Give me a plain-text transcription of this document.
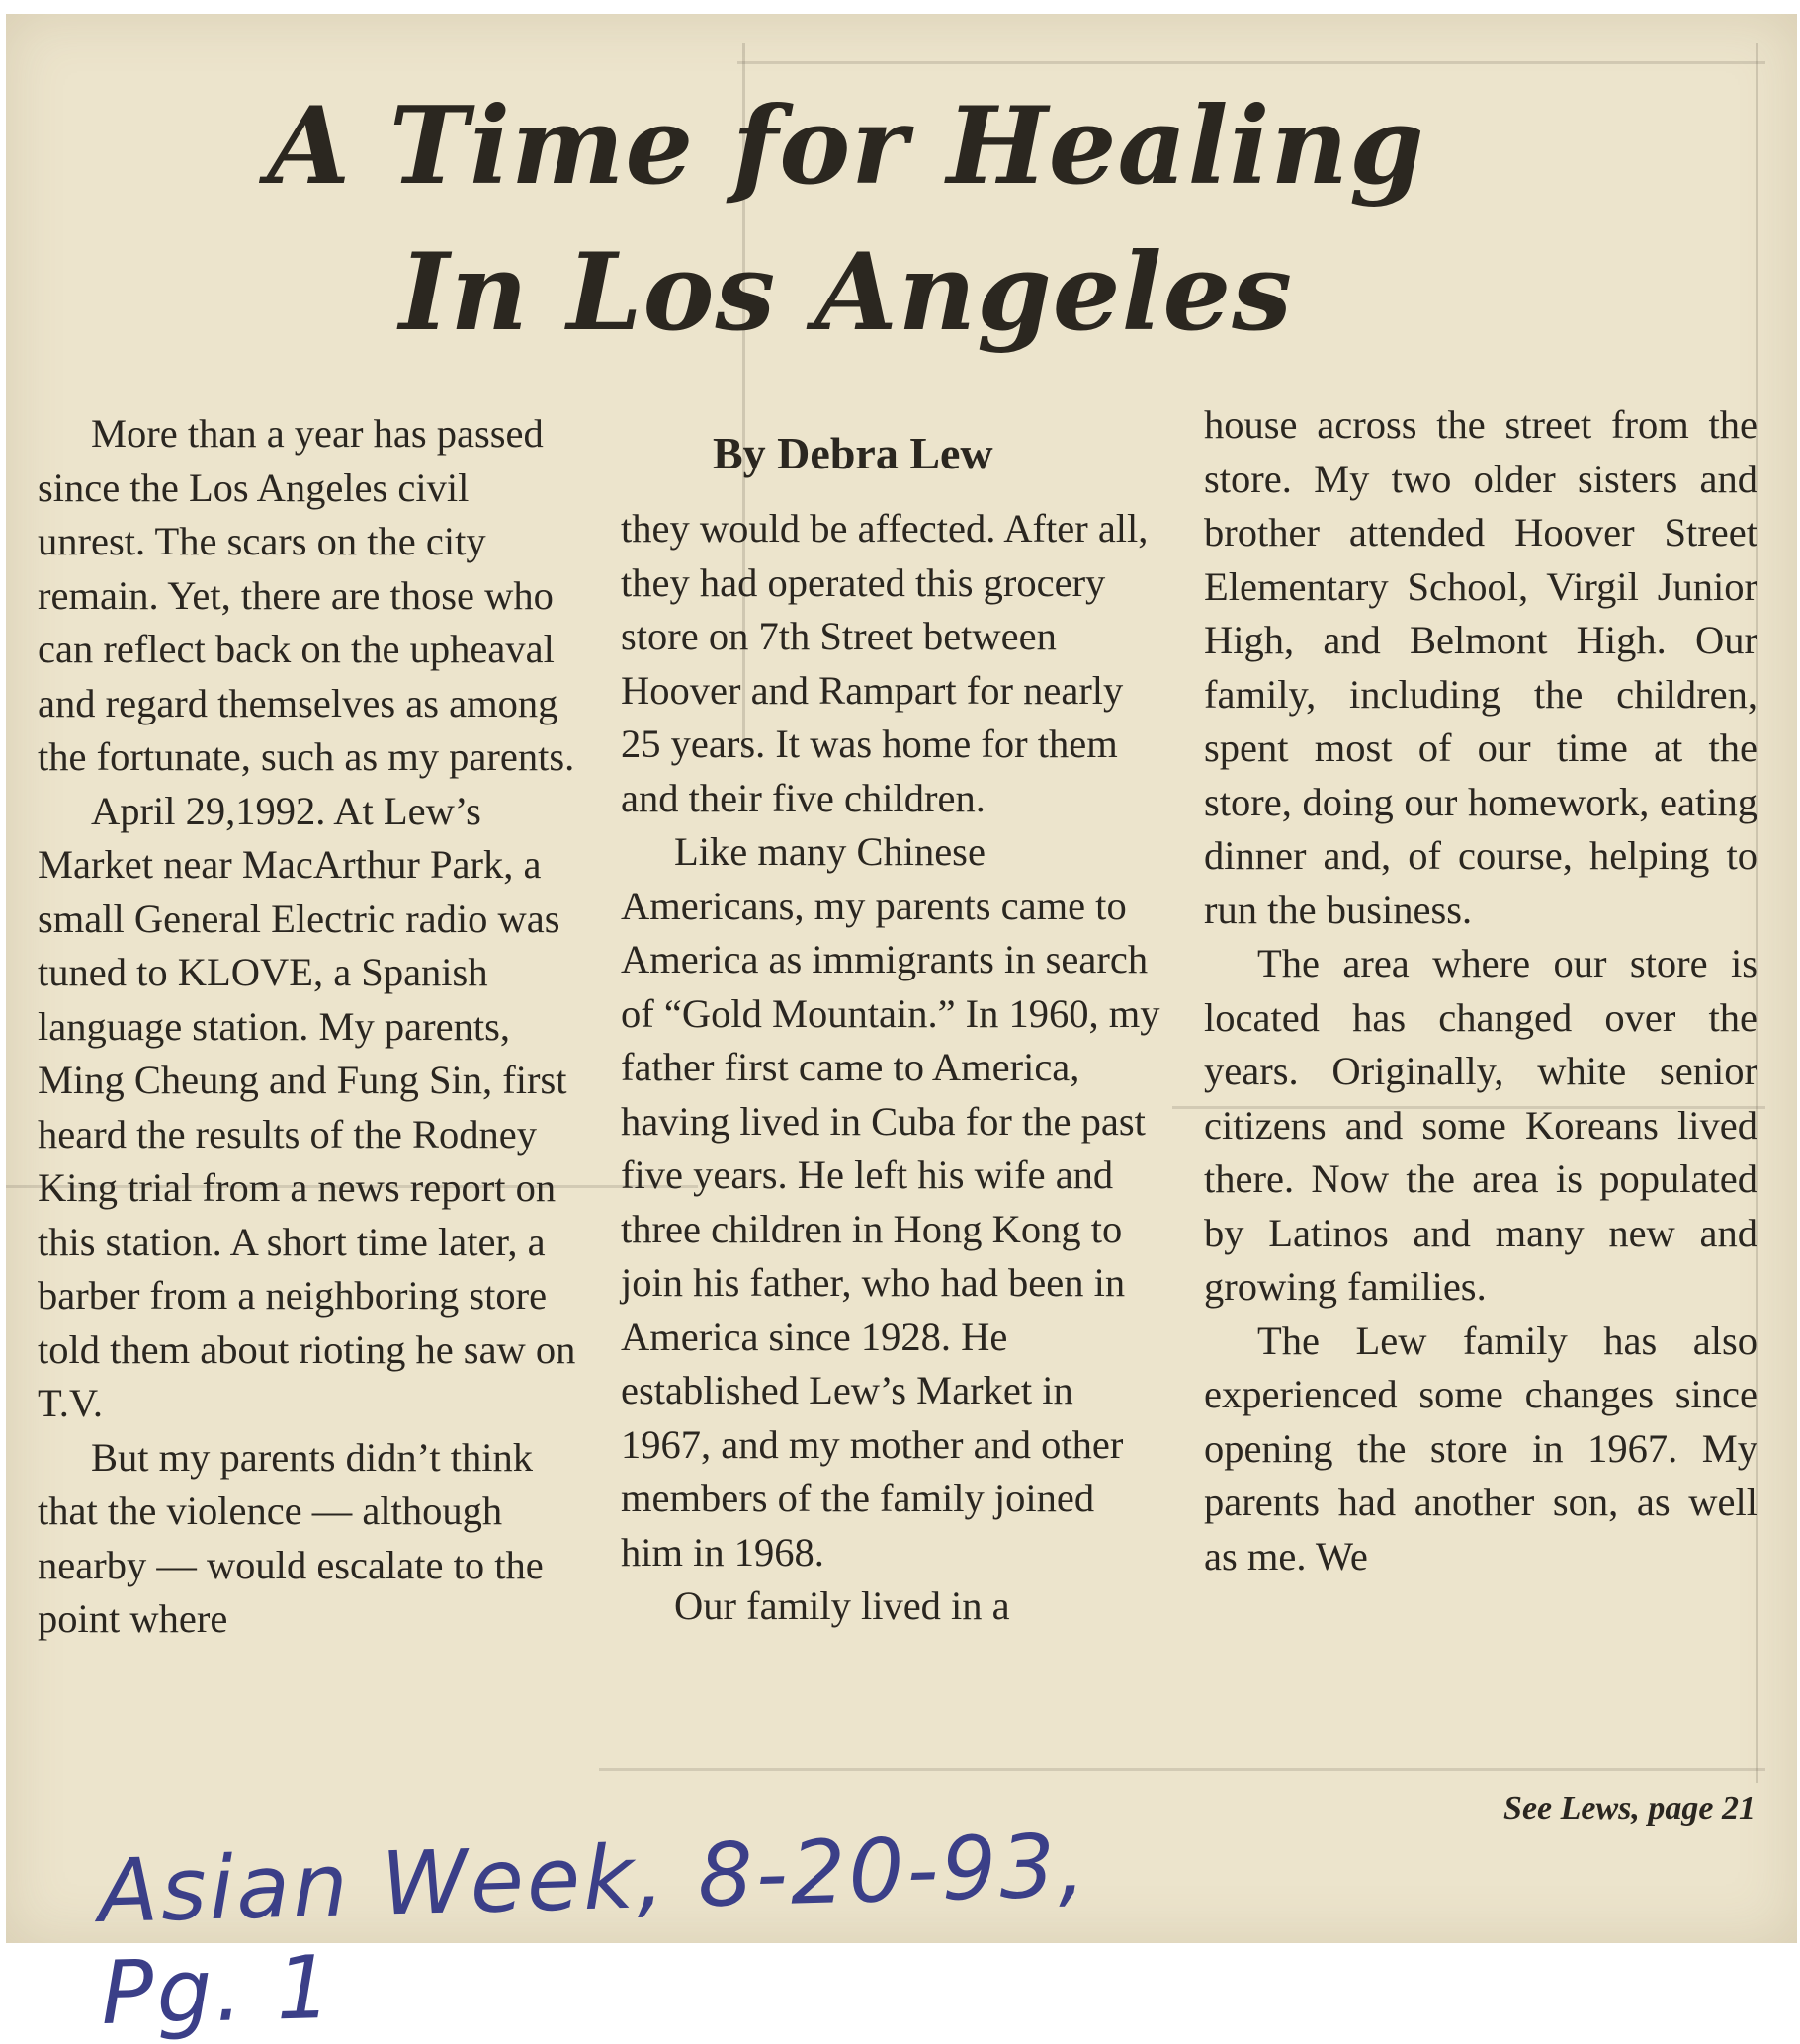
A Time for Healing
In Los Angeles
By Debra Lew

More than a year has passed since the Los Angeles civil unrest. The scars on the city remain. Yet, there are those who can reflect back on the upheaval and regard themselves as among the fortunate, such as my parents.

April 29,1992. At Lew’s Market near MacArthur Park, a small General Electric radio was tuned to KLOVE, a Spanish language station. My parents, Ming Cheung and Fung Sin, first heard the results of the Rodney King trial from a news report on this station. A short time later, a barber from a neighboring store told them about rioting he saw on T.V.

But my parents didn’t think that the violence — although nearby — would escalate to the point where

they would be affected. After all, they had operated this grocery store on 7th Street between Hoover and Rampart for nearly 25 years. It was home for them and their five children.

Like many Chinese Americans, my parents came to America as immigrants in search of “Gold Mountain.” In 1960, my father first came to America, having lived in Cuba for the past five years. He left his wife and three children in Hong Kong to join his father, who had been in America since 1928. He established Lew’s Market in 1967, and my mother and other members of the family joined him in 1968.

Our family lived in a

house across the street from the store. My two older sisters and brother attended Hoover Street Elementary School, Virgil Junior High, and Belmont High. Our family, including the children, spent most of our time at the store, doing our homework, eating dinner and, of course, helping to run the business.

The area where our store is located has changed over the years. Originally, white senior citizens and some Koreans lived there. Now the area is populated by Latinos and many new and growing families.

The Lew family has also experienced some changes since opening the store in 1967. My parents had another son, as well as me. We

See Lews, page 21
Asian Week, 8-20-93, Pg. 1
